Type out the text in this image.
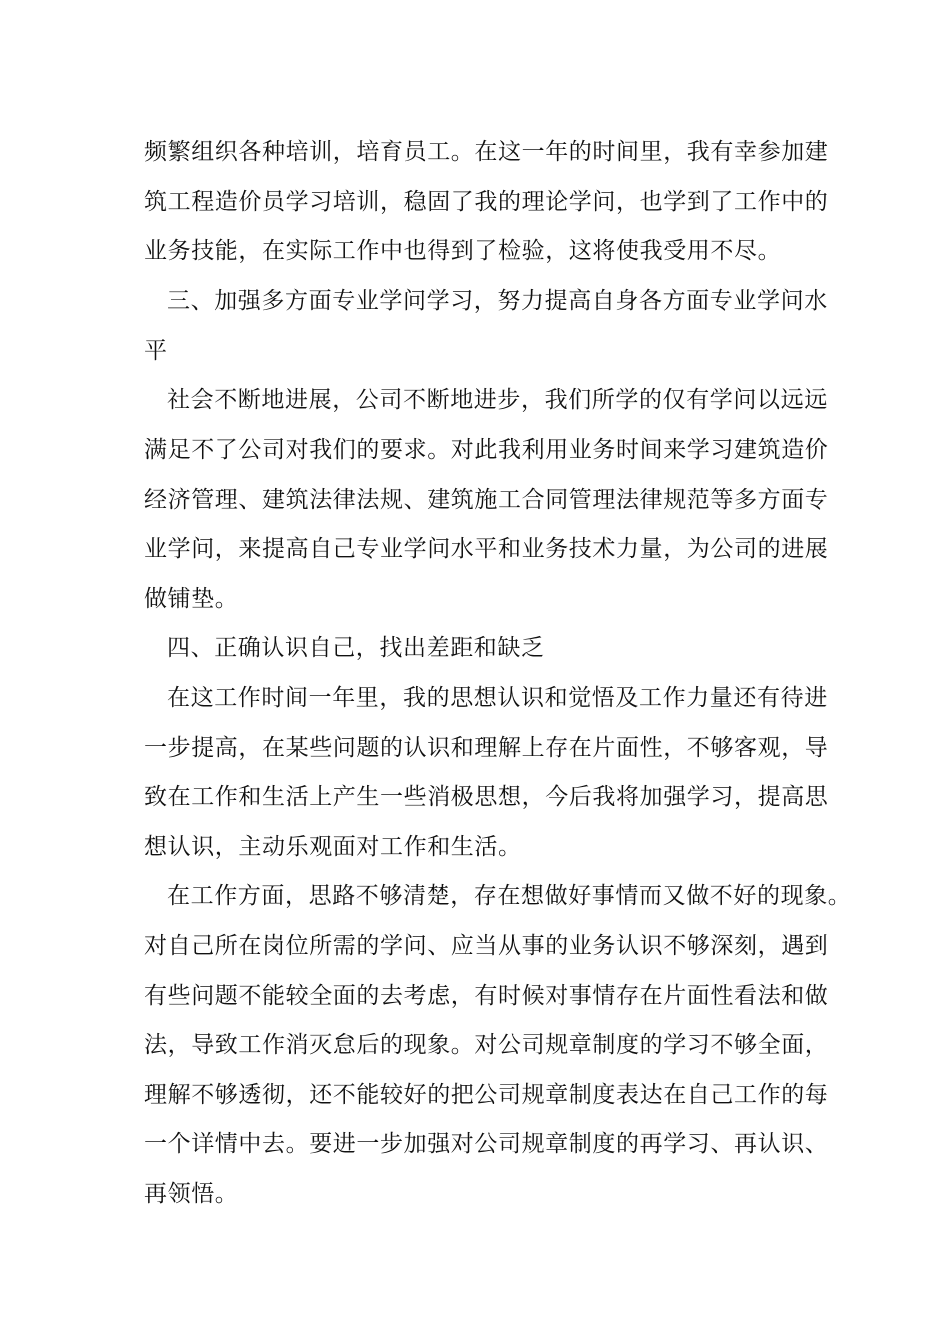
频繁组织各种培训，培育员工。在这一年的时间里，我有幸参加建
筑工程造价员学习培训，稳固了我的理论学问，也学到了工作中的
业务技能，在实际工作中也得到了检验，这将使我受用不尽。
三、加强多方面专业学问学习，努力提高自身各方面专业学问水
平
社会不断地进展，公司不断地进步，我们所学的仅有学问以远远
满足不了公司对我们的要求。对此我利用业务时间来学习建筑造价
经济管理、建筑法律法规、建筑施工合同管理法律规范等多方面专
业学问，来提高自己专业学问水平和业务技术力量，为公司的进展
做铺垫。
四、正确认识自己，找出差距和缺乏
在这工作时间一年里，我的思想认识和觉悟及工作力量还有待进
一步提高，在某些问题的认识和理解上存在片面性，不够客观，导
致在工作和生活上产生一些消极思想，今后我将加强学习，提高思
想认识，主动乐观面对工作和生活。
在工作方面，思路不够清楚，存在想做好事情而又做不好的现象。
对自己所在岗位所需的学问、应当从事的业务认识不够深刻，遇到
有些问题不能较全面的去考虑，有时候对事情存在片面性看法和做
法，导致工作消灭怠后的现象。对公司规章制度的学习不够全面，
理解不够透彻，还不能较好的把公司规章制度表达在自己工作的每
一个详情中去。要进一步加强对公司规章制度的再学习、再认识、
再领悟。
